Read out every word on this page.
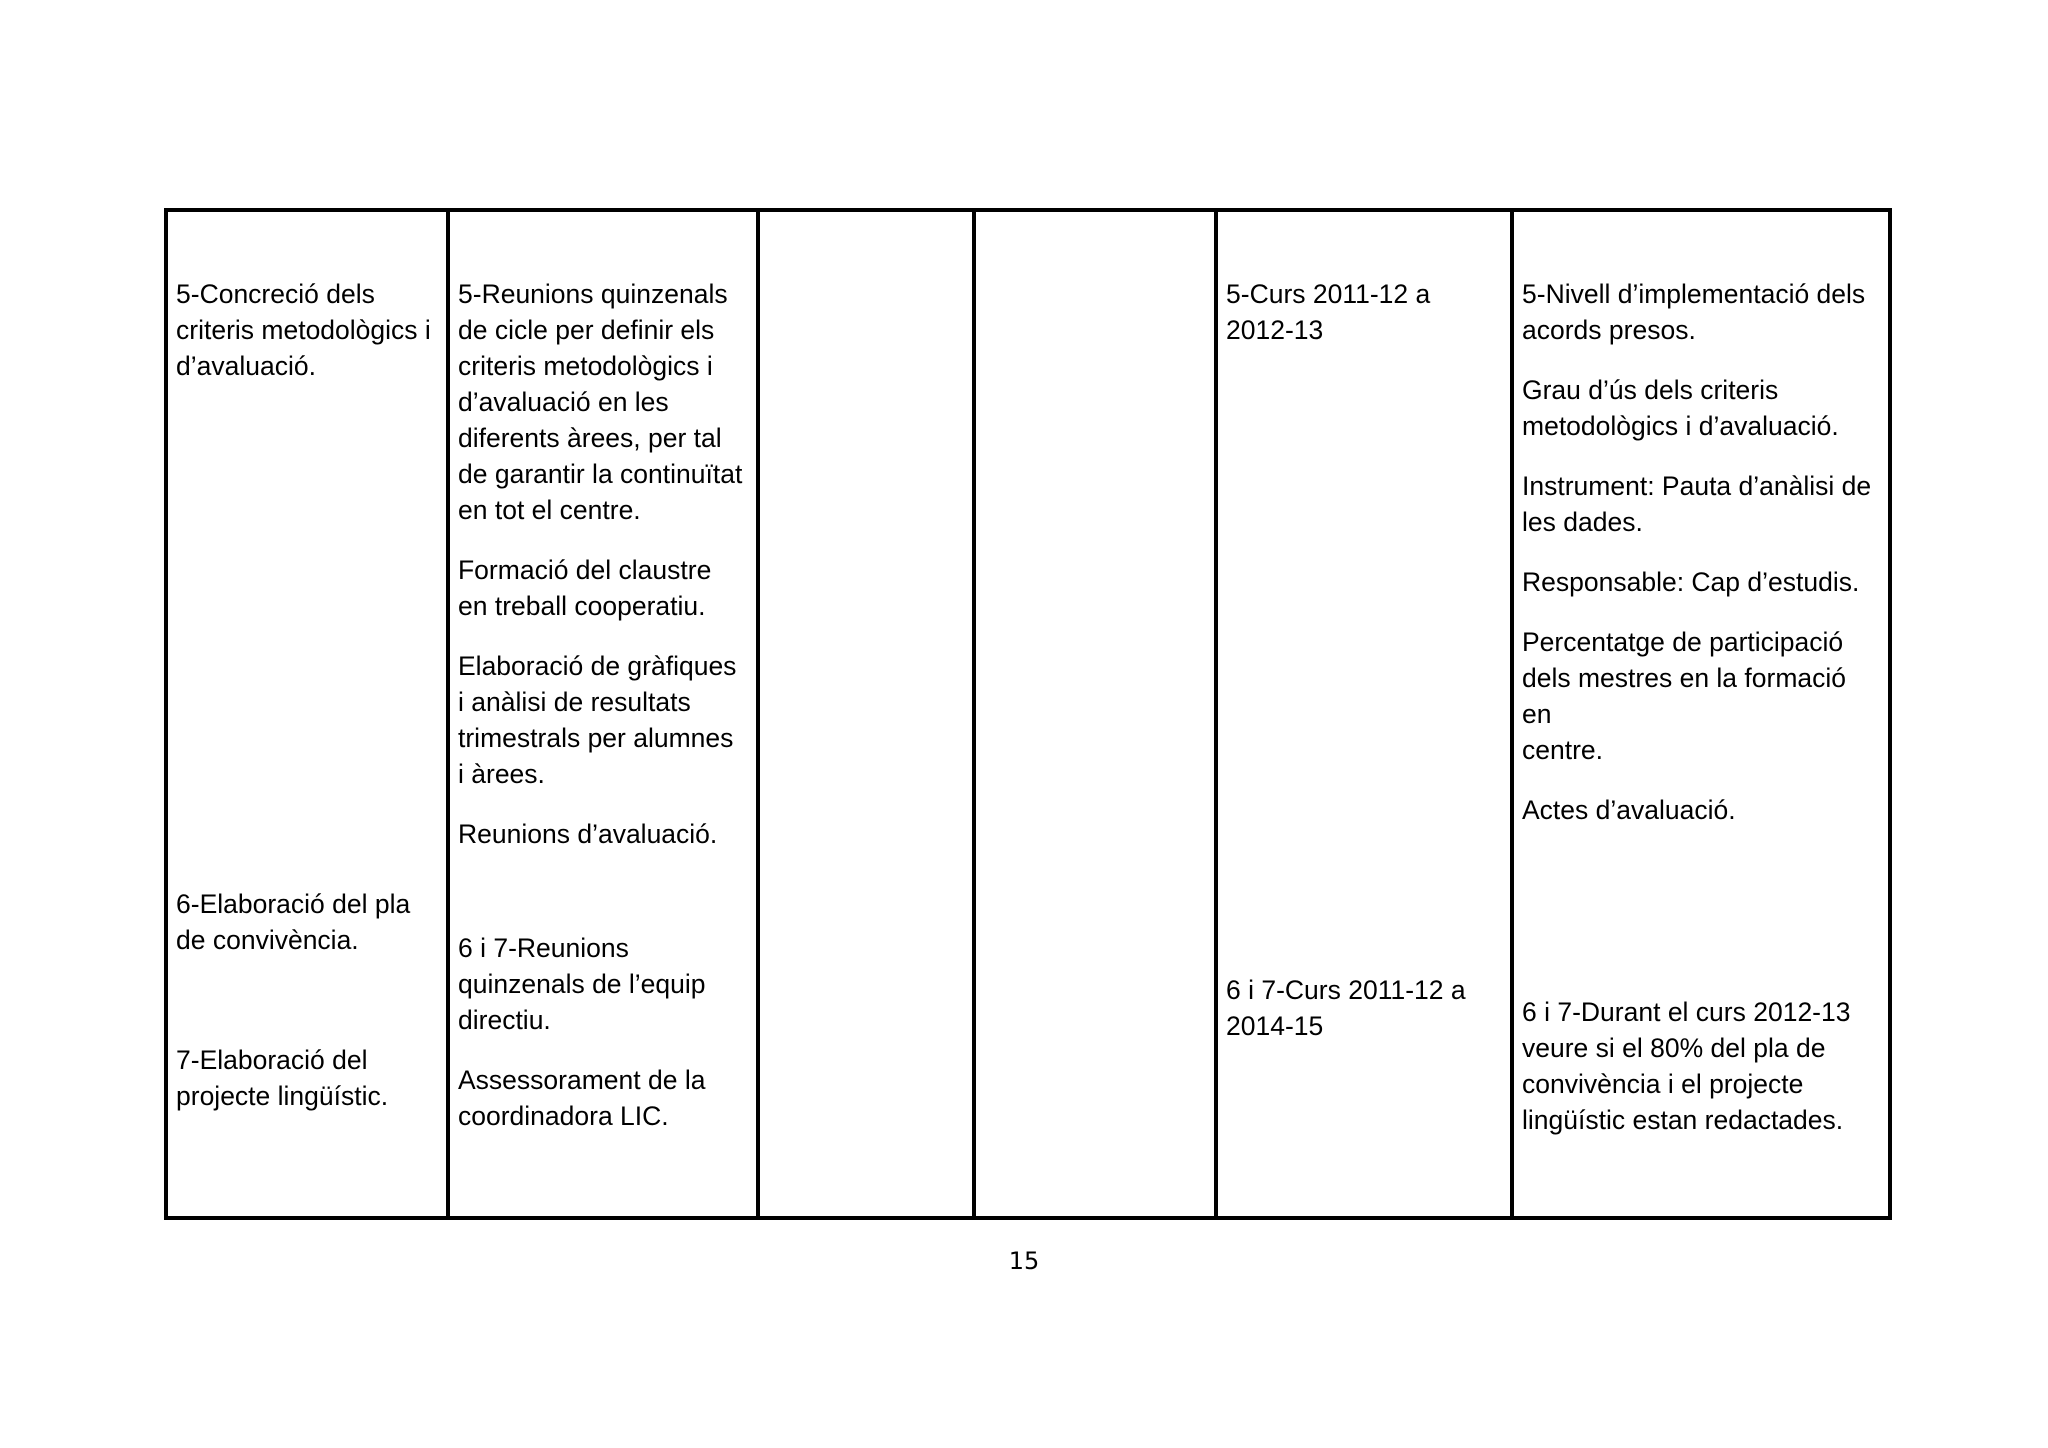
5-Concreció dels
criteris metodològics i
d’avaluació.
6-Elaboració del pla
de convivència.
7-Elaboració del
projecte lingüístic.
5-Reunions quinzenals
de cicle per definir els
criteris metodològics i
d’avaluació en les
diferents àrees, per tal
de garantir la continuïtat
en tot el centre.
Formació del claustre
en treball cooperatiu.
Elaboració de gràfiques
i anàlisi de resultats
trimestrals per alumnes
i àrees.
Reunions d’avaluació.
6 i 7-Reunions
quinzenals de l’equip
directiu.
Assessorament de la
coordinadora LIC.
5-Curs 2011-12 a
2012-13
6 i 7-Curs 2011-12 a
2014-15
5-Nivell d’implementació dels
acords presos.
Grau d’ús dels criteris
metodològics i d’avaluació.
Instrument: Pauta d’anàlisi de
les dades.
Responsable: Cap d’estudis.
Percentatge de participació
dels mestres en la formació en
centre.
Actes d’avaluació.
6 i 7-Durant el curs 2012-13
veure si el 80% del pla de
convivència i el projecte
lingüístic estan redactades.
15
